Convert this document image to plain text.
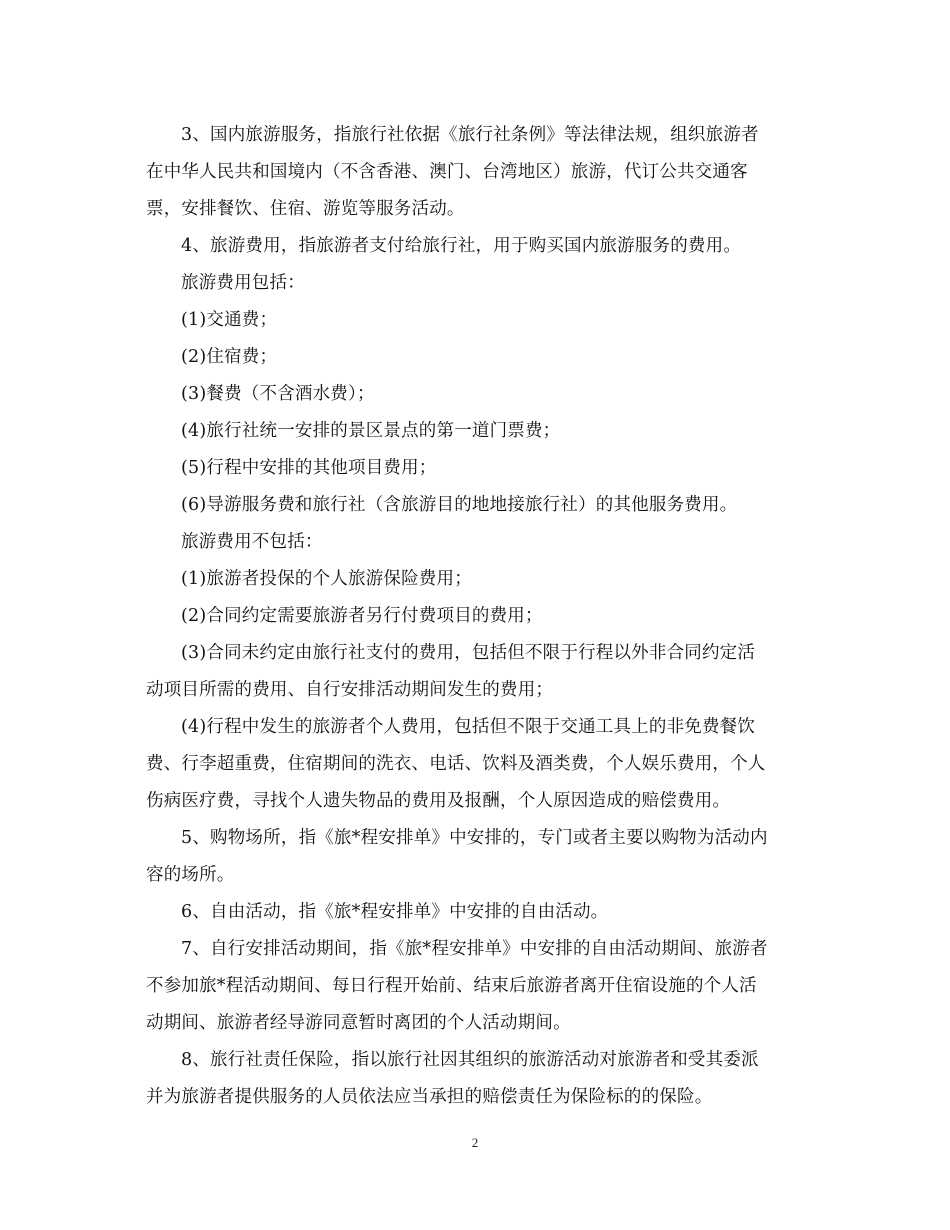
3、国内旅游服务，指旅行社依据《旅行社条例》等法律法规，组织旅游者
在中华人民共和国境内（不含香港、澳门、台湾地区）旅游，代订公共交通客
票，安排餐饮、住宿、游览等服务活动。

4、旅游费用，指旅游者支付给旅行社，用于购买国内旅游服务的费用。

旅游费用包括：

(1)交通费；

(2)住宿费；

(3)餐费（不含酒水费）；

(4)旅行社统一安排的景区景点的第一道门票费；

(5)行程中安排的其他项目费用；

(6)导游服务费和旅行社（含旅游目的地地接旅行社）的其他服务费用。

旅游费用不包括：

(1)旅游者投保的个人旅游保险费用；

(2)合同约定需要旅游者另行付费项目的费用；

(3)合同未约定由旅行社支付的费用，包括但不限于行程以外非合同约定活
动项目所需的费用、自行安排活动期间发生的费用；

(4)行程中发生的旅游者个人费用，包括但不限于交通工具上的非免费餐饮
费、行李超重费，住宿期间的洗衣、电话、饮料及酒类费，个人娱乐费用，个人
伤病医疗费，寻找个人遗失物品的费用及报酬，个人原因造成的赔偿费用。

5、购物场所，指《旅*程安排单》中安排的，专门或者主要以购物为活动内
容的场所。

6、自由活动，指《旅*程安排单》中安排的自由活动。

7、自行安排活动期间，指《旅*程安排单》中安排的自由活动期间、旅游者
不参加旅*程活动期间、每日行程开始前、结束后旅游者离开住宿设施的个人活
动期间、旅游者经导游同意暂时离团的个人活动期间。

8、旅行社责任保险，指以旅行社因其组织的旅游活动对旅游者和受其委派
并为旅游者提供服务的人员依法应当承担的赔偿责任为保险标的的保险。

2
